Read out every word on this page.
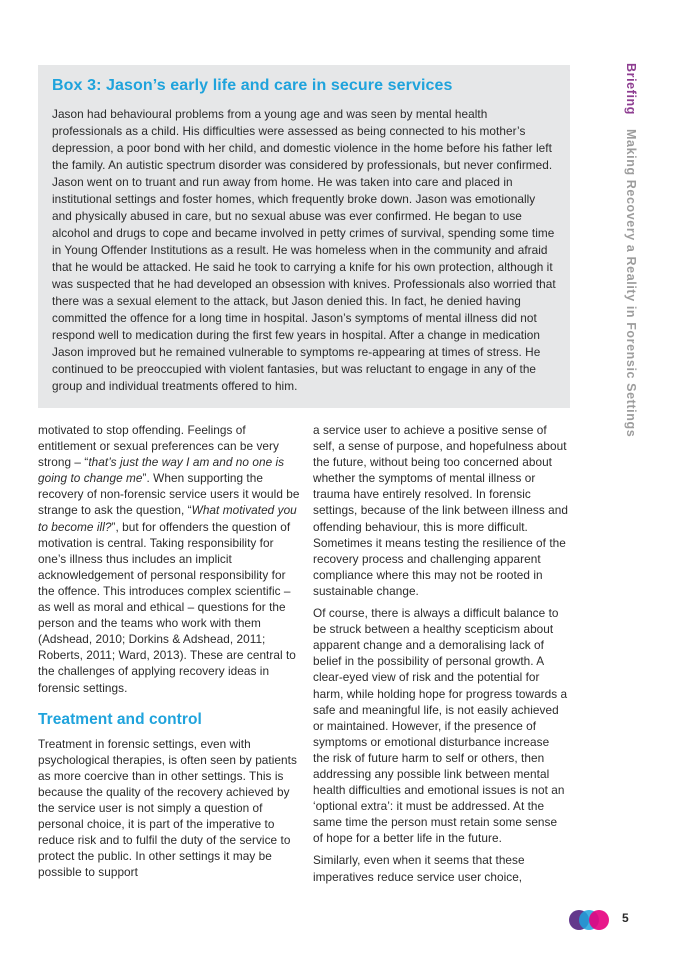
BriefingMaking Recovery a Reality in Forensic Settings
Box 3: Jason’s early life and care in secure services

Jason had behavioural problems from a young age and was seen by mental health professionals as a child. His difficulties were assessed as being connected to his mother’s depression, a poor bond with her child, and domestic violence in the home before his father left the family. An autistic spectrum disorder was considered by professionals, but never confirmed. Jason went on to truant and run away from home. He was taken into care and placed in institutional settings and foster homes, which frequently broke down. Jason was emotionally and physically abused in care, but no sexual abuse was ever confirmed. He began to use alcohol and drugs to cope and became involved in petty crimes of survival, spending some time in Young Offender Institutions as a result. He was homeless when in the community and afraid that he would be attacked. He said he took to carrying a knife for his own protection, although it was suspected that he had developed an obsession with knives. Professionals also worried that there was a sexual element to the attack, but Jason denied this. In fact, he denied having committed the offence for a long time in hospital. Jason’s symptoms of mental illness did not respond well to medication during the first few years in hospital. After a change in medication Jason improved but he remained vulnerable to symptoms re-appearing at times of stress. He continued to be preoccupied with violent fantasies, but was reluctant to engage in any of the group and individual treatments offered to him.

motivated to stop offending. Feelings of entitlement or sexual preferences can be very strong – “that’s just the way I am and no one is going to change me”. When supporting the recovery of non-forensic service users it would be strange to ask the question, “What motivated you to become ill?”, but for offenders the question of motivation is central. Taking responsibility for one’s illness thus includes an implicit acknowledgement of personal responsibility for the offence. This introduces complex scientific – as well as moral and ethical – questions for the person and the teams who work with them (Adshead, 2010; Dorkins & Adshead, 2011; Roberts, 2011; Ward, 2013). These are central to the challenges of applying recovery ideas in forensic settings.

Treatment and control

Treatment in forensic settings, even with psychological therapies, is often seen by patients as more coercive than in other settings. This is because the quality of the recovery achieved by the service user is not simply a question of personal choice, it is part of the imperative to reduce risk and to fulfil the duty of the service to protect the public. In other settings it may be possible to support

a service user to achieve a positive sense of self, a sense of purpose, and hopefulness about the future, without being too concerned about whether the symptoms of mental illness or trauma have entirely resolved. In forensic settings, because of the link between illness and offending behaviour, this is more difficult. Sometimes it means testing the resilience of the recovery process and challenging apparent compliance where this may not be rooted in sustainable change.

Of course, there is always a difficult balance to be struck between a healthy scepticism about apparent change and a demoralising lack of belief in the possibility of personal growth. A clear-eyed view of risk and the potential for harm, while holding hope for progress towards a safe and meaningful life, is not easily achieved or maintained. However, if the presence of symptoms or emotional disturbance increase the risk of future harm to self or others, then addressing any possible link between mental health difficulties and emotional issues is not an ‘optional extra’: it must be addressed. At the same time the person must retain some sense of hope for a better life in the future.

Similarly, even when it seems that these imperatives reduce service user choice,

5
